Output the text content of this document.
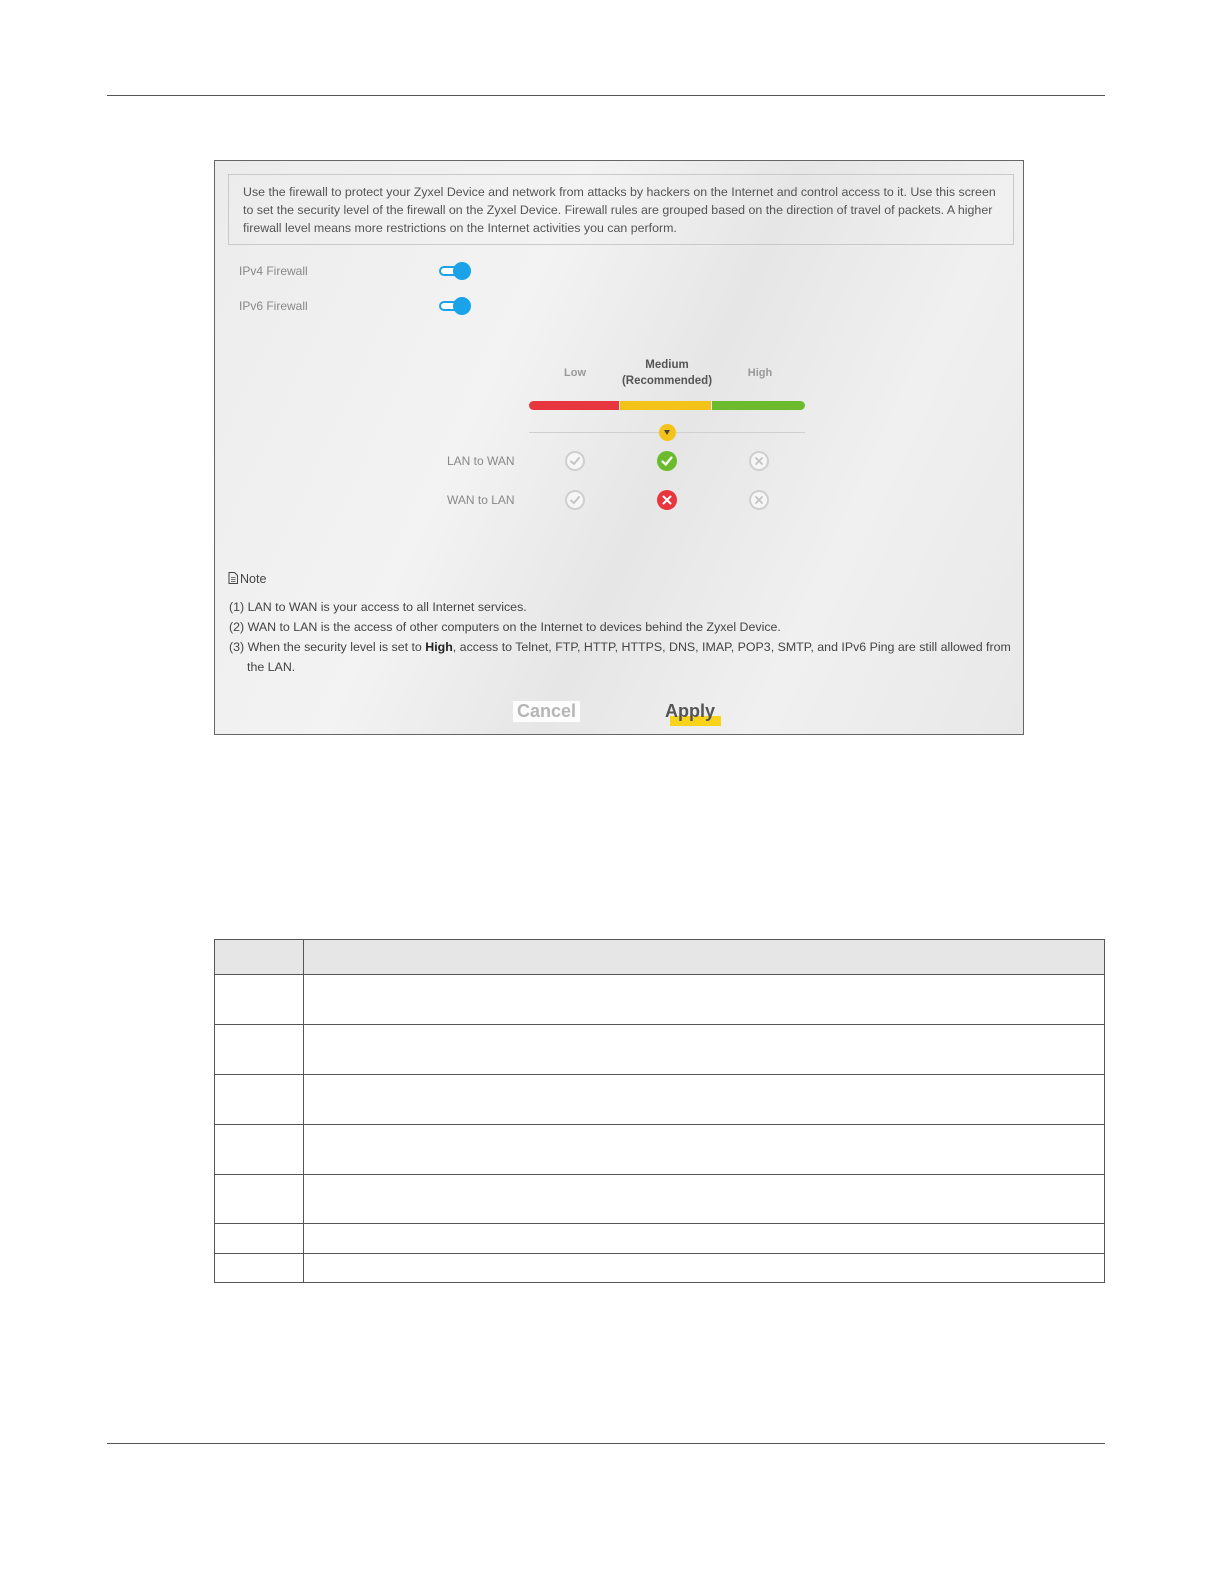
Use the firewall to protect your Zyxel Device and network from attacks by hackers on the Internet and control access to it. Use this screen to set the security level of the firewall on the Zyxel Device. Firewall rules are grouped based on the direction of travel of packets. A higher firewall level means more restrictions on the Internet activities you can perform.
IPv4 Firewall
IPv6 Firewall
Low
Medium
(Recommended)
High
LAN to WAN
WAN to LAN
Note
(1) LAN to WAN is your access to all Internet services.
(2) WAN to LAN is the access of other computers on the Internet to devices behind the Zyxel Device.
(3) When the security level is set to High, access to Telnet, FTP, HTTP, HTTPS, DNS, IMAP, POP3, SMTP, and IPv6 Ping are still allowed from
the LAN.
Cancel	Apply
